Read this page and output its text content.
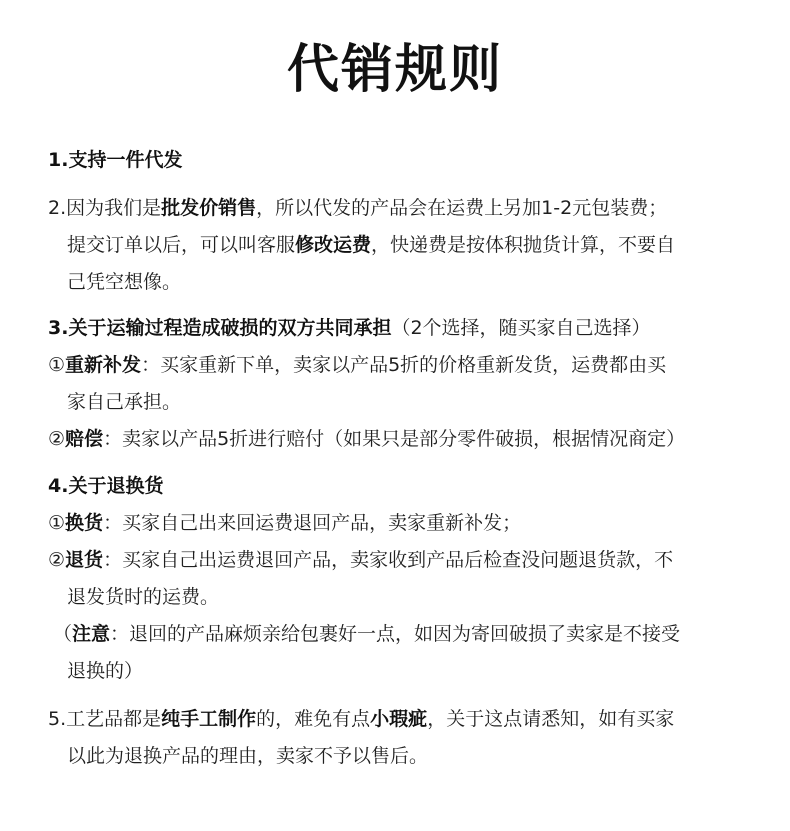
代销规则
1.支持一件代发
2.因为我们是批发价销售，所以代发的产品会在运费上另加1-2元包装费；
提交订单以后，可以叫客服修改运费，快递费是按体积抛货计算，不要自
己凭空想像。
3.关于运输过程造成破损的双方共同承担（2个选择，随买家自己选择）
①重新补发：买家重新下单，卖家以产品5折的价格重新发货，运费都由买
家自己承担。
②赔偿：卖家以产品5折进行赔付（如果只是部分零件破损，根据情况商定）
4.关于退换货
①换货：买家自己出来回运费退回产品，卖家重新补发；
②退货：买家自己出运费退回产品，卖家收到产品后检查没问题退货款，不
退发货时的运费。
（注意：退回的产品麻烦亲给包裹好一点，如因为寄回破损了卖家是不接受
退换的）
5.工艺品都是纯手工制作的，难免有点小瑕疵，关于这点请悉知，如有买家
以此为退换产品的理由，卖家不予以售后。
